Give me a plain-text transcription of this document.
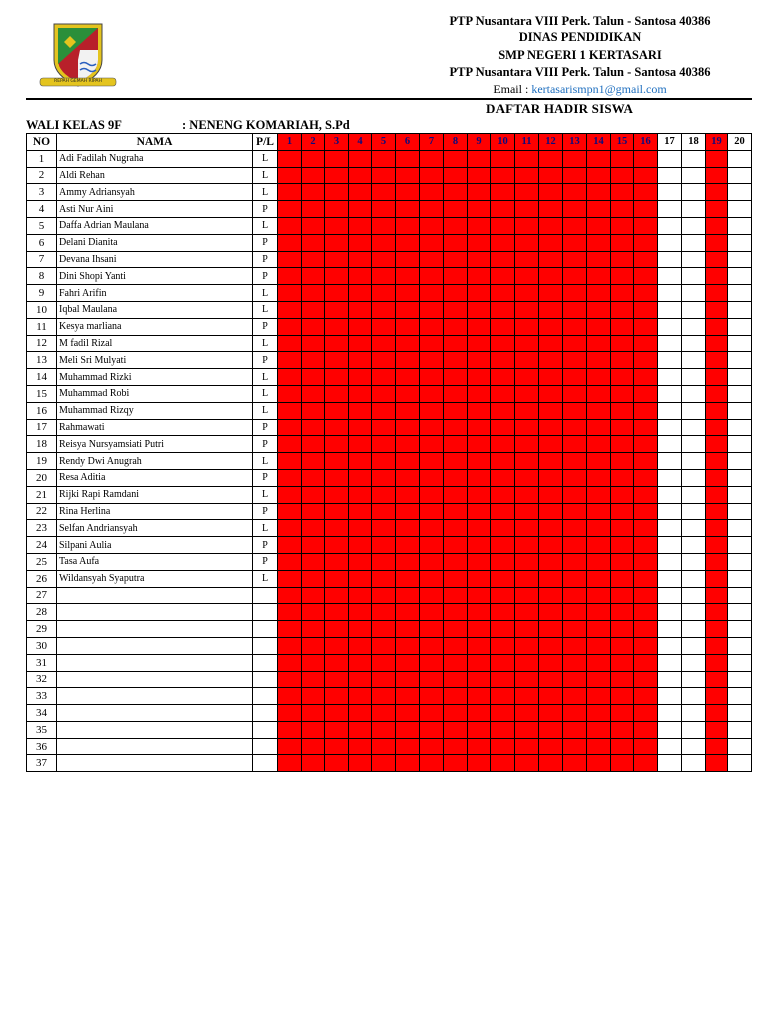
REPAH GEMAH RIPAH
PTP Nusantara VIII Perk. Talun - Santosa 40386
DINAS PENDIDIKAN
SMP NEGERI 1 KERTASARI
PTP Nusantara VIII Perk. Talun - Santosa 40386
Email : kertasarismpn1@gmail.com
DAFTAR HADIR SISWA
WALI KELAS 9F	: NENENG KOMARIAH, S.Pd
NO	NAMA	P/L	1	2	3	4	5	6	7	8	9	10	11	12	13	14	15	16	17	18	19	20
1	Adi Fadilah Nugraha	L																				
2	Aldi Rehan	L																				
3	Ammy Adriansyah	L																				
4	Asti Nur Aini	P																				
5	Daffa Adrian Maulana	L																				
6	Delani Dianita	P																				
7	Devana Ihsani	P																				
8	Dini Shopi Yanti	P																				
9	Fahri Arifin	L																				
10	Iqbal Maulana	L																				
11	Kesya marliana	P																				
12	M fadil Rizal	L																				
13	Meli Sri Mulyati	P																				
14	Muhammad Rizki	L																				
15	Muhammad Robi	L																				
16	Muhammad Rizqy	L																				
17	Rahmawati	P																				
18	Reisya Nursyamsiati Putri	P																				
19	Rendy Dwi Anugrah	L																				
20	Resa Aditia	P																				
21	Rijki Rapi Ramdani	L																				
22	Rina Herlina	P																				
23	Selfan Andriansyah	L																				
24	Silpani Aulia	P																				
25	Tasa Aufa	P																				
26	Wildansyah Syaputra	L																				
27																						
28																						
29																						
30																						
31																						
32																						
33																						
34																						
35																						
36																						
37																						
